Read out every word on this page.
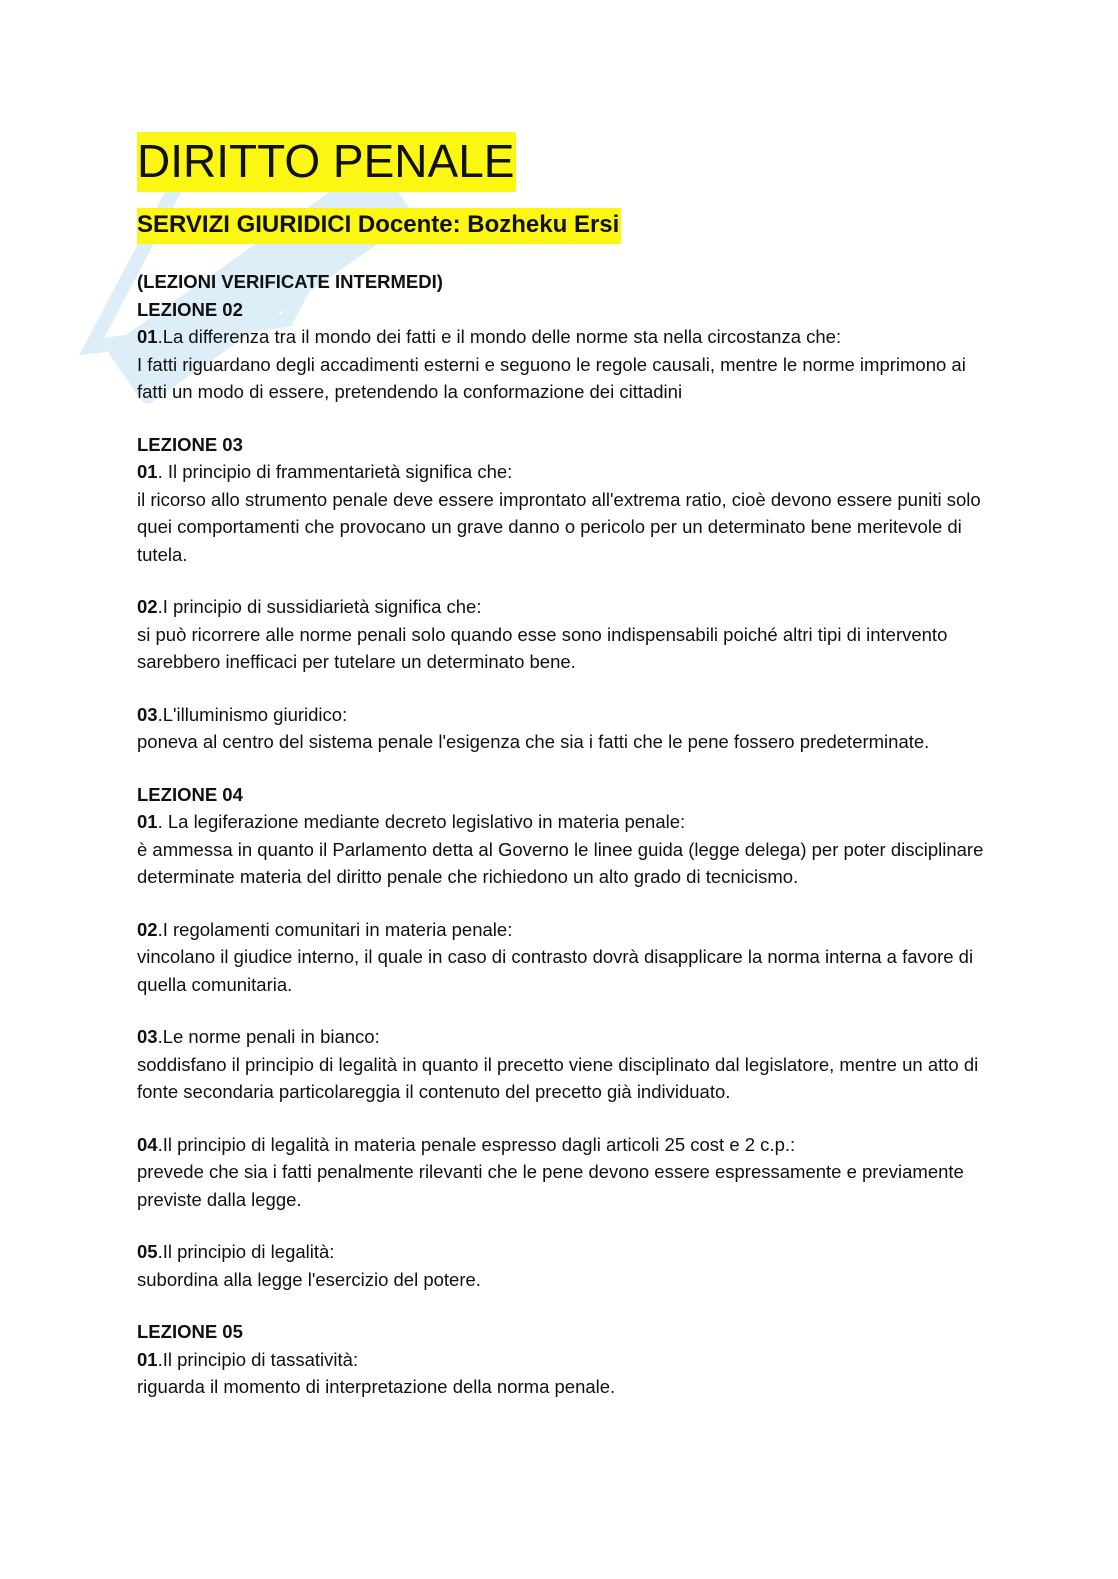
DIRITTO PENALE
SERVIZI GIURIDICI Docente: Bozheku Ersi

(LEZIONI VERIFICATE INTERMEDI)

LEZIONE 02

01.La differenza tra il mondo dei fatti e il mondo delle norme sta nella circostanza che:

I fatti riguardano degli accadimenti esterni e seguono le regole causali, mentre le norme imprimono ai fatti un modo di essere, pretendendo la conformazione dei cittadini

LEZIONE 03

01. Il principio di frammentarietà significa che:

il ricorso allo strumento penale deve essere improntato all'extrema ratio, cioè devono essere puniti solo quei comportamenti che provocano un grave danno o pericolo per un determinato bene meritevole di tutela.

02.I principio di sussidiarietà significa che:

si può ricorrere alle norme penali solo quando esse sono indispensabili poiché altri tipi di intervento sarebbero inefficaci per tutelare un determinato bene.

03.L'illuminismo giuridico:

poneva al centro del sistema penale l'esigenza che sia i fatti che le pene fossero predeterminate.

LEZIONE 04

01. La legiferazione mediante decreto legislativo in materia penale:

è ammessa in quanto il Parlamento detta al Governo le linee guida (legge delega) per poter disciplinare determinate materia del diritto penale che richiedono un alto grado di tecnicismo.

02.I regolamenti comunitari in materia penale:

vincolano il giudice interno, il quale in caso di contrasto dovrà disapplicare la norma interna a favore di quella comunitaria.

03.Le norme penali in bianco:

soddisfano il principio di legalità in quanto il precetto viene disciplinato dal legislatore, mentre un atto di fonte secondaria particolareggia il contenuto del precetto già individuato.

04.Il principio di legalità in materia penale espresso dagli articoli 25 cost e 2 c.p.:

prevede che sia i fatti penalmente rilevanti che le pene devono essere espressamente e previamente previste dalla legge.

05.Il principio di legalità:

subordina alla legge l'esercizio del potere.

LEZIONE 05

01.Il principio di tassatività:

riguarda il momento di interpretazione della norma penale.
